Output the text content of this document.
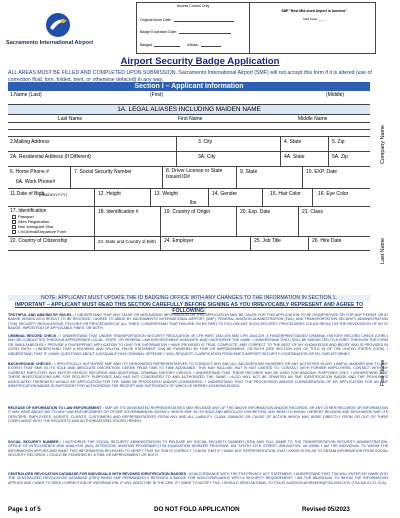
Sacramento International Airport
Access Control Only
Original Issue Date:
Badge Expiration Date:
Badge#	Initials:
SMF "Best Mid-sized Airport in America"
Staff Initial: ____
Airport Security Badge Application
ALL AREAS MUST BE FILLED AND COMPLETED UPON SUBMISSION. Sacramento International Airport (SMF) will not accept this form if it is altered (use of correction fluid, torn, folded, bent, or otherwise defaced) in any way.
Section I – Applicant Information
1.Name (Last)	(First)	(Middle)
1A. LEGAL ALIASES INCLUDING MAIDEN NAME
Last Name	First Name	Middle Name
2.Mailing Address	3. City	4. State	5. Zip
2A. Residential Address (If Different)	3A. City	4A. State	5A. Zip
6. Home Phone #
6A. Work Phone#
7. Social Security Number	8. Driver License or State Issued ID#
9. State	10. EXP. Date
11.Date of Birth
(MM/DD/YYYY)	12. Height	13. Weight
lbs
14. Gender	15. Hair Color	16. Eye Color
17. Identification
Passport
Alien Registration
Non Immigrant Visa
I-94 Arrival/Departure Form
18. Identification #	19. Country of Origin	20. Exp. Date	21. Class
22. Country of Citizenship	23. State and Country of Birth 24. Employer	25. Job Title	26. Hire Date
Company Name
Last Name
First Name
NOTE: APPLICANT MUST UPDATE THE ID BADGING OFFICE WITH ANY CHANGES TO THE INFORMATION IN SECTION 1.
IMPORTANT – APPLICANT MUST READ THIS SECTION CAREFULLY BEFORE SIGNING AS YOU IRREVOCABLY REPRESENT AND AGREE TO FOLLOWING:
TRUTHFUL AND ABIDING BY RULES : I UNDERSTAND THAT ANY FALSE OR MISLEADING INFORMATION ON THIS APPLICATION MAY BE CAUSE FOR THIS APPLICATION TO BE DISAPPROVED OR FOR ANY PERMIT OR ID BADGE ISSUED AS A RESULT TO BE REVOKED. I AGREE TO ABIDE BY SACRAMENTO INTERNATIONAL AIRPORT (SMF), FEDERAL AVIATION ADMINISTRATION (FAA), AND TRANSPORTATION SECURITY ADMINISTRATION (TSA) SECURITY REGULATIONS, POLICIES OR PROCEDURES AT ALL TIMES. I UNDERSTAND THAT FAILURE ON MY PART TO FOLLOW ANY SUCH SECURITY PROCEDURES COULD RESULT IN THE REVOCATION OF MY ID BADGE, IMPOSITION OF APPLICABLE FINES, OR BOTH.
CRIMINAL RECORD CHECK : I UNDERSTAND THAT UNDER TRANSPORTATION SECURITY REGULATION 49 CFR PART 1542.209 AND CFR 1544.229, A FINGERPRINT BASED CRIMINAL HISTORY RECORD CHECK (CHRC) MAY BE CONDUCTED THROUGH APPROPRIATE LOCAL, STATE, OR FEDERAL LAW ENFORCEMENT AGENCIES, AND I AUTHORIZE THE SAME. I UNDERSTAND THAT I WILL BE SUBJECTED TO A CHRC THROUGH THE FORM OR SIMULTANEOUSLY PROVIDE A FINGERPRINT APPLICATION TO GIVE THE INFORMATION I HAVE PROVIDED IS TRUE, COMPLETE, AND CORRECT TO THE BEST OF MY KNOWLEDGE AND BELIEF AND IS PROVIDED IN GOOD FAITH. I UNDERSTAND THAT A KNOWING AND WILLFUL FALSE STATEMENT CAN BE PUNISHED BY FINE OR IMPRISONMENT, OR BOTH (SEE SECTION 1001 OF TITLE 18 OF THE UNITED STATES CODE). I UNDERSTAND THAT IF I HAVE QUESTIONS ABOUT A DISQUALIFYING CRIMINAL OFFENSE, I WILL REQUEST CLARIFICATION FROM SMF'S AIRPORT SECURITY COORDINATOR OR MY CMR ATTORNEY.
BACKGROUND CHECKS : I SPECIFICALLY AUTHORIZE SMF AND ITS DESIGNATED REPRESENTATIVES TO CONDUCT ANY AND ALL BACKGROUND INQUIRIES OR ANY ACTIVITIES IN ANY LAWFUL MANNER AND TO ANY EXTENT THAT SMF, IN ITS SOLE AND ABSOLUTE DISCRETION, DEEMS FROM TIME TO TIME ADVISABLE. THIS MAY INCLUDE, BUT IS NOT LIMITED TO, CONTACT WITH FORMER EMPLOYERS, CONTACT WITH MY CURRENT EMPLOYER, ANY MOTOR VEHICLE RECORDS, AND ADDITIONAL CRIMINAL HISTORY CHECKS. I UNDERSTAND THAT THESE RECORDS MAY BE USED FOR BADGING PURPOSES ONLY. I UNDERSTAND THAT THESE INVESTIGATIONS ARE FOR SECURITY PURPOSES AND HAS NOT CONSENTED TO AND AUTHORIZED THE SAME. I ALSO WILL NOT BE GRANTED AN SMF IDENTIFICATION BADGE AND THE PRIVILEGES ASSOCIATED THEREWITH WOULD MY APPLICATION FOR THE SAME BE PROCESSED AND/OR CONSIDERED. I UNDERSTAND THAT THE PROCESSING AND/OR CONSIDERATION OF MY APPLICATION FOR AN SMF IDENTIFICATION BADGE IS SUFFICIENT FOR AUTHORIZING THE RECEIPT AND SUFFICIENCY OF WHICH IS HEREBY ACKNOWLEDGED.
RELEASE OF INFORMATION TO LAW ENFORCEMENT : SMF OR ITS DESIGNATED REPRESENTATIVES MAY RELEASE ANY OF THE ABOVE INFORMATION AND/OR RECORDS, OR ANY OTHER RECORDS OR INFORMATION IT MAY HAVE ABOUT ME, TO ANY LAW ENFORCEMENT OR OTHER GOVERNMENTAL AGENCY, WHICH SMF, IN ITS SOLE AND ABSOLUTE DISCRETION, MAY NEED TO KNOW. I HEREBY RELEASE AND DISCHARGE SMF, ITS OFFICERS, EMPLOYEES, AGENTS, CLIENTS, CUSTOMERS AND REPRESENTATIVES FROM ANY AND ALL LIABILITY, CLAIM, DAMAGE OR CAUSE OF ACTION WHICH MAY ARISE DIRECTLY FROM OR OUT OF THEIR COMPLIANCE WITH THE REQUESTS AND AUTHORIZATIONS STATED HEREIN.
SOCIAL SECURITY NUMBER : I AUTHORIZE THE SOCIAL SECURITY ADMINISTRATION TO RELEASE MY SOCIAL SECURITY NUMBER (SSN) AND FULL NAME TO THE TRANSPORTATION SECURITY ADMINISTRATION, OFFICE OF INTELLIGENCE AND ANALYSIS (I&A), ATTENTION: AVIATION PROGRAMS (TSA-10)/AVIATION WORKER PROGRAM, 601 SOUTH 12TH STREET, ARLINGTON, VA 20598. I AM THE INDIVIDUAL TO WHOM THE INFORMATION APPLIES AND WANT THIS INFORMATION RELEASED TO VERIFY THAT MY SSN IS CORRECT. I KNOW THAT IF I MAKE ANY REPRESENTATION THAT I KNOW IS FALSE TO OBTAIN INFORMATION FROM SOCIAL SECURITY RECORDS, I COULD BE PUNISHED BY A FINE OR IMPRISONMENT OR BOTH.
CENTRALIZED REVOCATION DATABASE FOR INDIVIDUALS WITH REVOKED IDENTIFICATION BADGES : IN ACCORDANCE WITH THE TSA PRIVACY ACT STATEMENT, I UNDERSTAND THAT TSA WILL ENTER MY NAME INTO THE CENTRALIZED REVOCATION DATABASE (CRD) WHEN SMF PERMANENTLY REVOKES A BADGE FOR NON-COMPLIANCE WITH A SECURITY REQUIREMENT. I AM THE INDIVIDUAL TO WHOM THE INFORMATION APPLIES AND I WANT TO SEEK CORRECTION OF INFORMATION, IF ANY, ABOUT ME IN THE CRD. IF I WANT TO NOTIFY TSA, I SHOULD SEND AN EMAIL TO TSA AT AVIATION.WORKERS@TSA.DHS.GOV (TSA-NA-21-01, IS A).
Page 1 of 5	DO NOT FOLD APPLICATION	Revised 05/2023
